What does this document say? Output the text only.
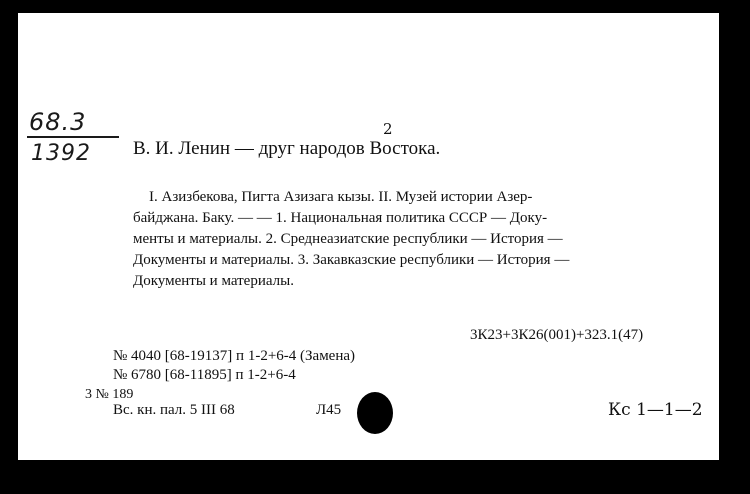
68.3
1392
2
В. И. Ленин — друг народов Востока.
I. Азизбекова, Пигта Азизага кызы. II. Музей истории Азер-
байджана. Баку. — — 1. Национальная политика СССР — Доку-
менты и материалы. 2. Среднеазиатские республики — История —
Документы и материалы. 3. Закавказские республики — История —
Документы и материалы.
3К23+3К26(001)+323.1(47)
№ 4040 [68-19137] п 1-2+6-4 (Замена)
№ 6780 [68-11895] п 1-2+6-4
3 № 189
Вс. кн. пал. 5 III 68	Л45	Кс 1—1—2
